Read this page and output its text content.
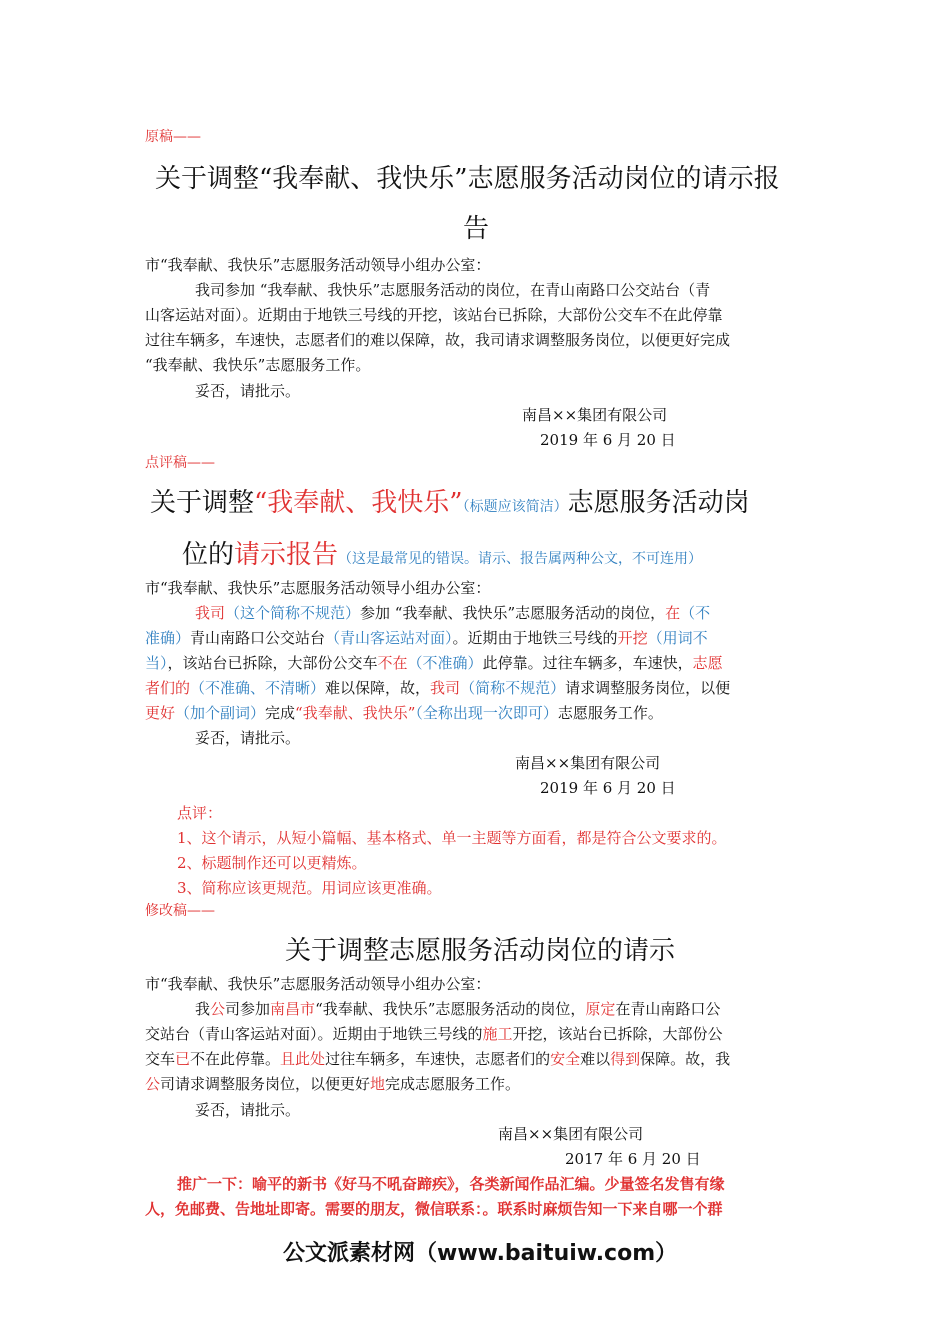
原稿——
关于调整“我奉献、我快乐”志愿服务活动岗位的请示报
告
市“我奉献、我快乐”志愿服务活动领导小组办公室：
我司参加 “我奉献、我快乐”志愿服务活动的岗位，在青山南路口公交站台（青
山客运站对面）。近期由于地铁三号线的开挖，该站台已拆除，大部份公交车不在此停靠
过往车辆多，车速快，志愿者们的难以保障，故，我司请求调整服务岗位，以便更好完成
“我奉献、我快乐”志愿服务工作。
妥否，请批示。
南昌××集团有限公司
2019 年 6 月 20 日
点评稿——
关于调整“我奉献、我快乐”（标题应该简洁）志愿服务活动岗
位的请示报告（这是最常见的错误。请示、报告属两种公文，不可连用）
市“我奉献、我快乐”志愿服务活动领导小组办公室：
我司（这个简称不规范）参加 “我奉献、我快乐”志愿服务活动的岗位，在（不
准确）青山南路口公交站台（青山客运站对面）。近期由于地铁三号线的开挖（用词不
当），该站台已拆除，大部份公交车不在（不准确）此停靠。过往车辆多，车速快，志愿
者们的（不准确、不清晰）难以保障，故，我司（简称不规范）请求调整服务岗位，以便
更好（加个副词）完成“我奉献、我快乐”（全称出现一次即可）志愿服务工作。
妥否，请批示。
南昌××集团有限公司
2019 年 6 月 20 日
点评：
1、这个请示，从短小篇幅、基本格式、单一主题等方面看，都是符合公文要求的。
2、标题制作还可以更精炼。
3、简称应该更规范。用词应该更准确。
修改稿——
关于调整志愿服务活动岗位的请示
市“我奉献、我快乐”志愿服务活动领导小组办公室：
我公司参加南昌市“我奉献、我快乐”志愿服务活动的岗位，原定在青山南路口公
交站台（青山客运站对面）。近期由于地铁三号线的施工开挖，该站台已拆除，大部份公
交车已不在此停靠。且此处过往车辆多，车速快，志愿者们的安全难以得到保障。故，我
公司请求调整服务岗位，以便更好地完成志愿服务工作。
妥否，请批示。
南昌××集团有限公司
2017 年 6 月 20 日
推广一下：喻平的新书《好马不吼奋蹄疾》，各类新闻作品汇编。少量签名发售有缘
人，免邮费、告地址即寄。需要的朋友，微信联系：。联系时麻烦告知一下来自哪一个群
公文派素材网（www.baituiw.com）
